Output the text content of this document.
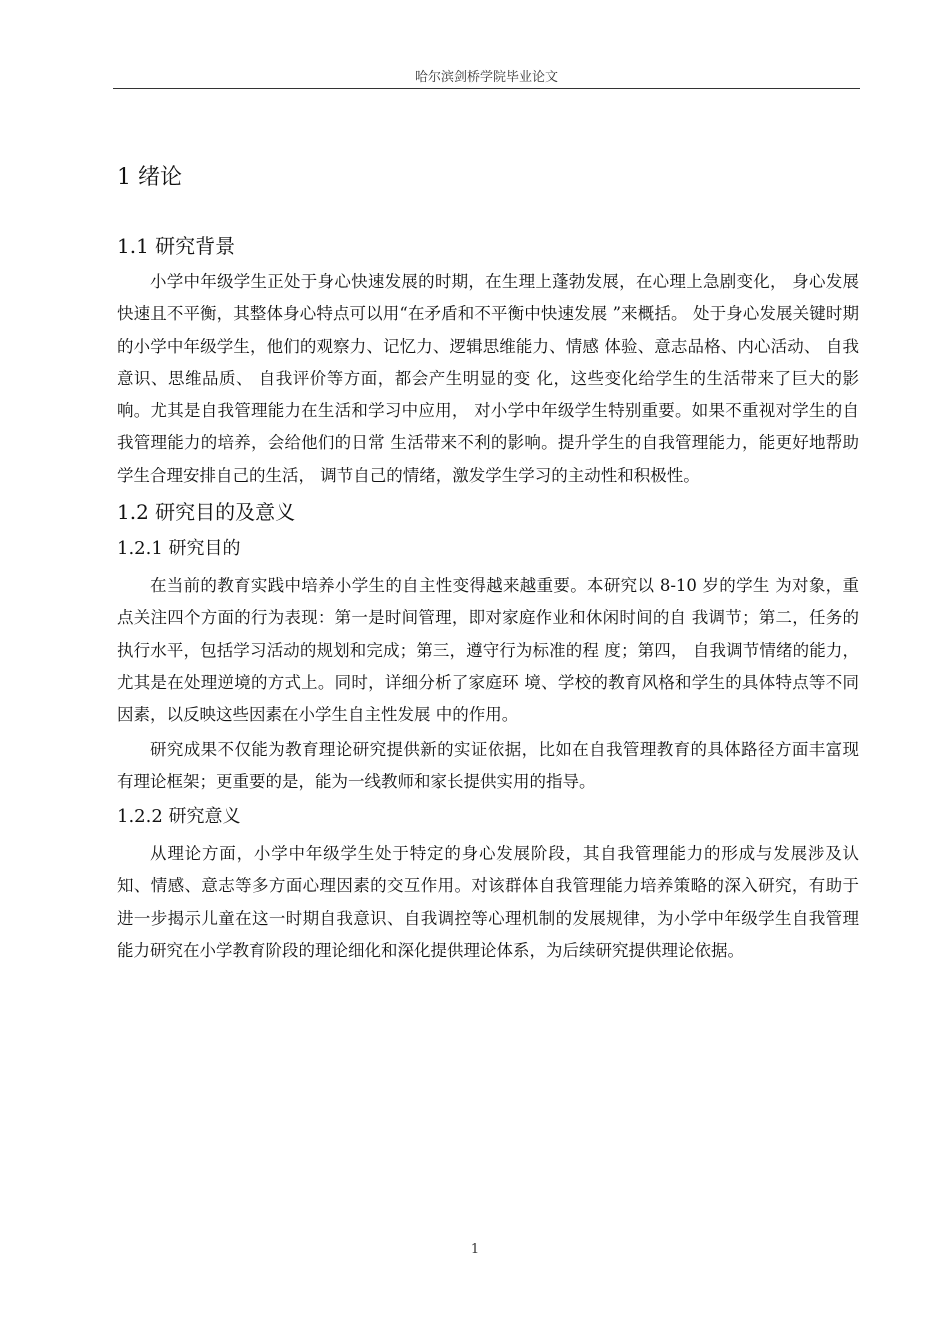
哈尔滨剑桥学院毕业论文
1 绪论
1.1 研究背景

小学中年级学生正处于身心快速发展的时期，在生理上蓬勃发展，在心理上急剧变化， 身心发展快速且不平衡，其整体身心特点可以用“在矛盾和不平衡中快速发展 ”来概括。 处于身心发展关键时期的小学中年级学生，他们的观察力、记忆力、逻辑思维能力、情感 体验、意志品格、内心活动、 自我意识、思维品质、 自我评价等方面，都会产生明显的变 化，这些变化给学生的生活带来了巨大的影响。尤其是自我管理能力在生活和学习中应用， 对小学中年级学生特别重要。如果不重视对学生的自我管理能力的培养，会给他们的日常 生活带来不利的影响。提升学生的自我管理能力，能更好地帮助学生合理安排自己的生活， 调节自己的情绪，激发学生学习的主动性和积极性。

1.2 研究目的及意义
1.2.1 研究目的

在当前的教育实践中培养小学生的自主性变得越来越重要。本研究以 8-10 岁的学生 为对象，重点关注四个方面的行为表现：第一是时间管理，即对家庭作业和休闲时间的自 我调节；第二，任务的执行水平，包括学习活动的规划和完成；第三，遵守行为标准的程 度；第四， 自我调节情绪的能力，尤其是在处理逆境的方式上。同时，详细分析了家庭环 境、学校的教育风格和学生的具体特点等不同因素，以反映这些因素在小学生自主性发展 中的作用。

研究成果不仅能为教育理论研究提供新的实证依据，比如在自我管理教育的具体路径方面丰富现有理论框架；更重要的是，能为一线教师和家长提供实用的指导。

1.2.2 研究意义

从理论方面，小学中年级学生处于特定的身心发展阶段，其自我管理能力的形成与发展涉及认知、情感、意志等多方面心理因素的交互作用。对该群体自我管理能力培养策略的深入研究，有助于进一步揭示儿童在这一时期自我意识、自我调控等心理机制的发展规律，为小学中年级学生自我管理能力研究在小学教育阶段的理论细化和深化提供理论体系，为后续研究提供理论依据。

1
